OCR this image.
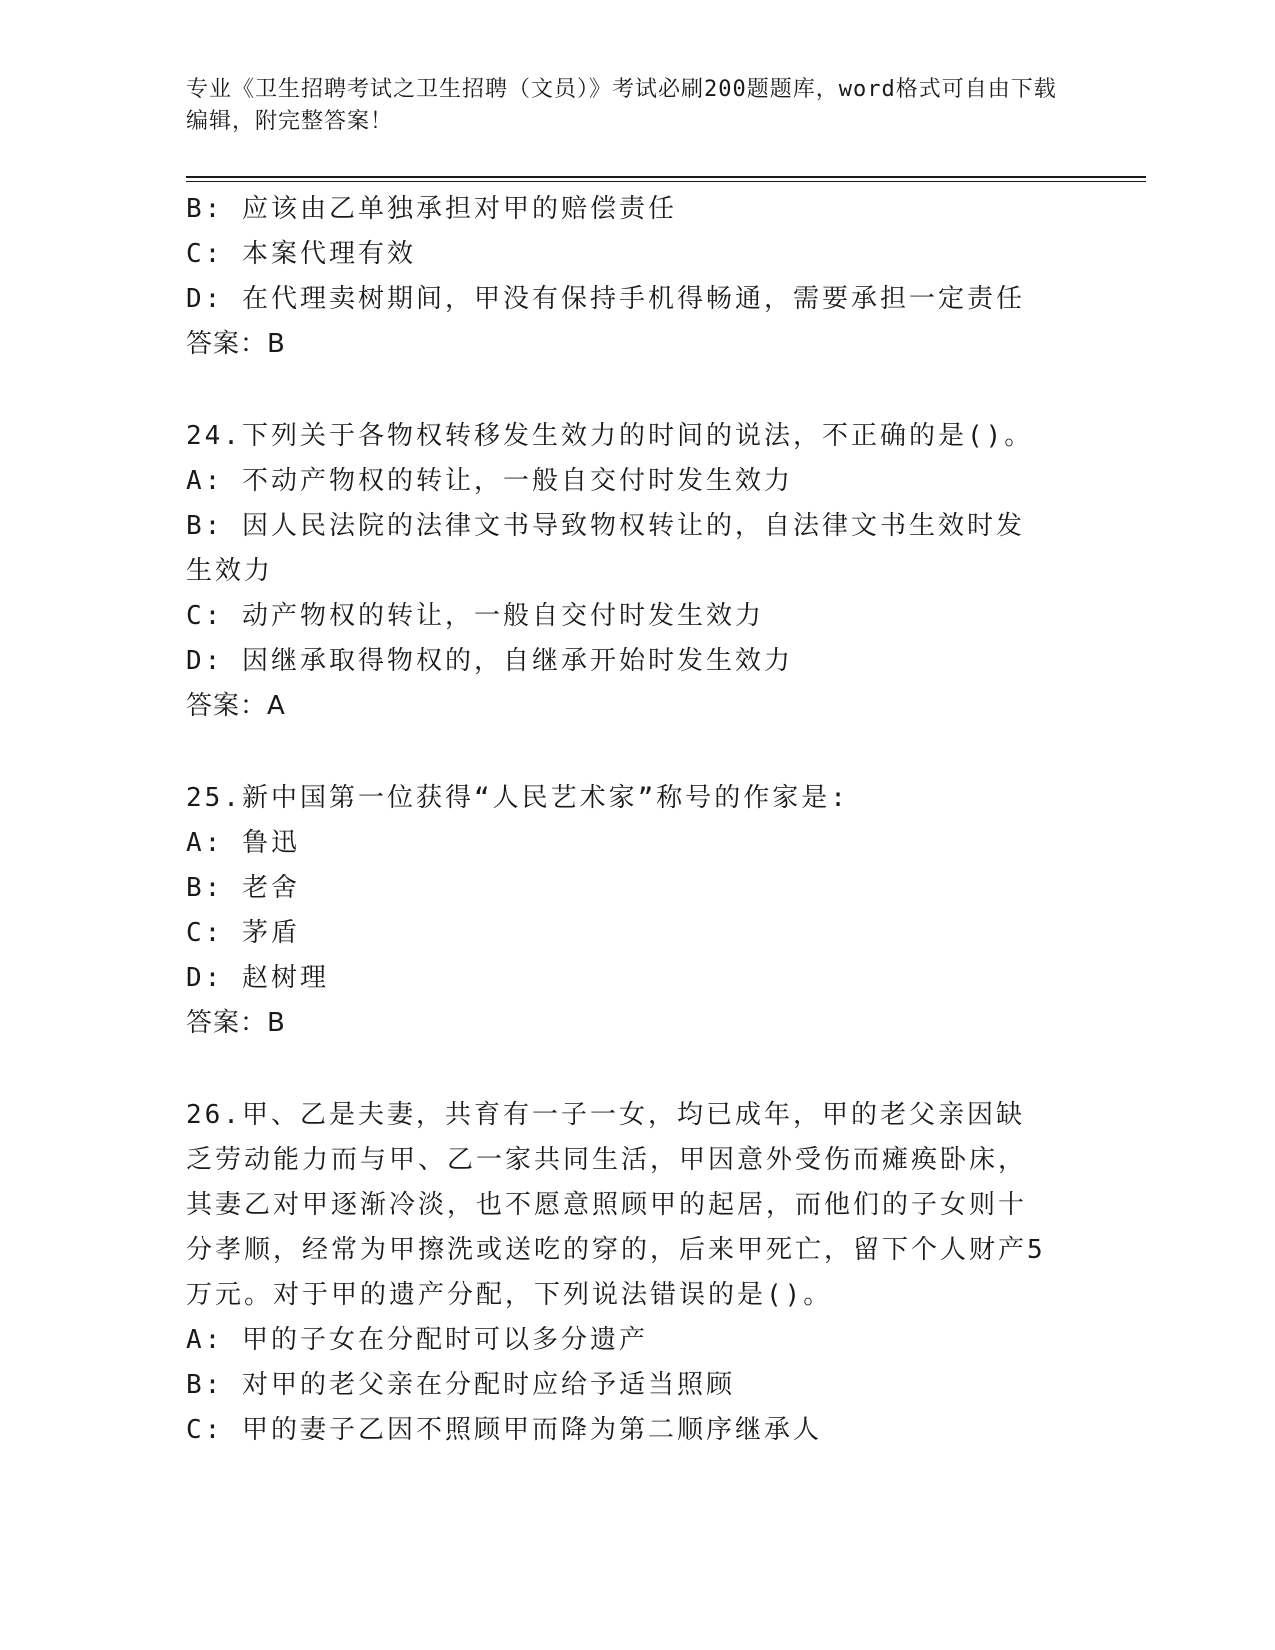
专业《卫生招聘考试之卫生招聘（文员）》考试必刷200题题库，word格式可自由下载编辑，附完整答案！
B: 应该由乙单独承担对甲的赔偿责任
C: 本案代理有效
D: 在代理卖树期间，甲没有保持手机得畅通，需要承担一定责任
答案：B
24.下列关于各物权转移发生效力的时间的说法，不正确的是()。
A: 不动产物权的转让，一般自交付时发生效力
B: 因人民法院的法律文书导致物权转让的，自法律文书生效时发生效力
C: 动产物权的转让，一般自交付时发生效力
D: 因继承取得物权的，自继承开始时发生效力
答案：A
25.新中国第一位获得“人民艺术家”称号的作家是:
A: 鲁迅
B: 老舍
C: 茅盾
D: 赵树理
答案：B
26.甲、乙是夫妻，共育有一子一女，均已成年，甲的老父亲因缺乏劳动能力而与甲、乙一家共同生活，甲因意外受伤而瘫痪卧床，其妻乙对甲逐渐冷淡，也不愿意照顾甲的起居，而他们的子女则十分孝顺，经常为甲擦洗或送吃的穿的，后来甲死亡，留下个人财产5万元。对于甲的遗产分配，下列说法错误的是()。
A: 甲的子女在分配时可以多分遗产
B: 对甲的老父亲在分配时应给予适当照顾
C: 甲的妻子乙因不照顾甲而降为第二顺序继承人
